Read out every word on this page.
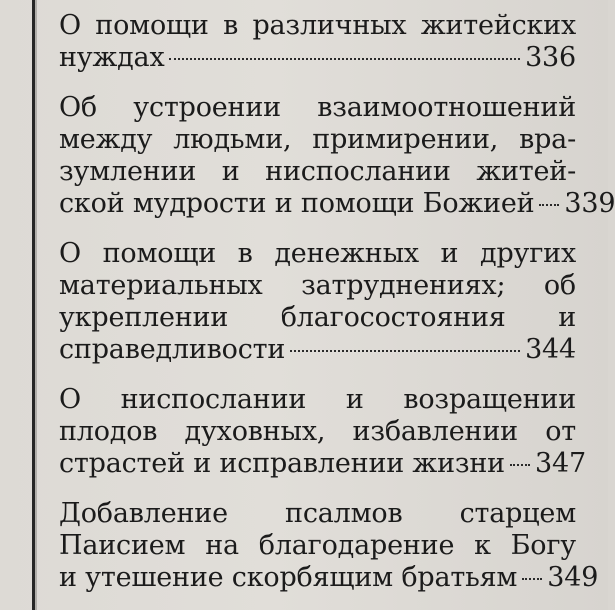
О помощи в различных житейских
нуждах	336
Об устроении взаимоотношений
между людьми, примирении, вра-
зумлении и ниспослании житей-
ской мудрости и помощи Божией 339
О помощи в денежных и других
материальных затруднениях; об
укреплении благосостояния и
справедливости	344
О ниспослании и возращении
плодов духовных, избавлении от
страстей и исправлении жизни 347
Добавление псалмов старцем
Паисием на благодарение к Богу
и утешение скорбящим братьям 349
